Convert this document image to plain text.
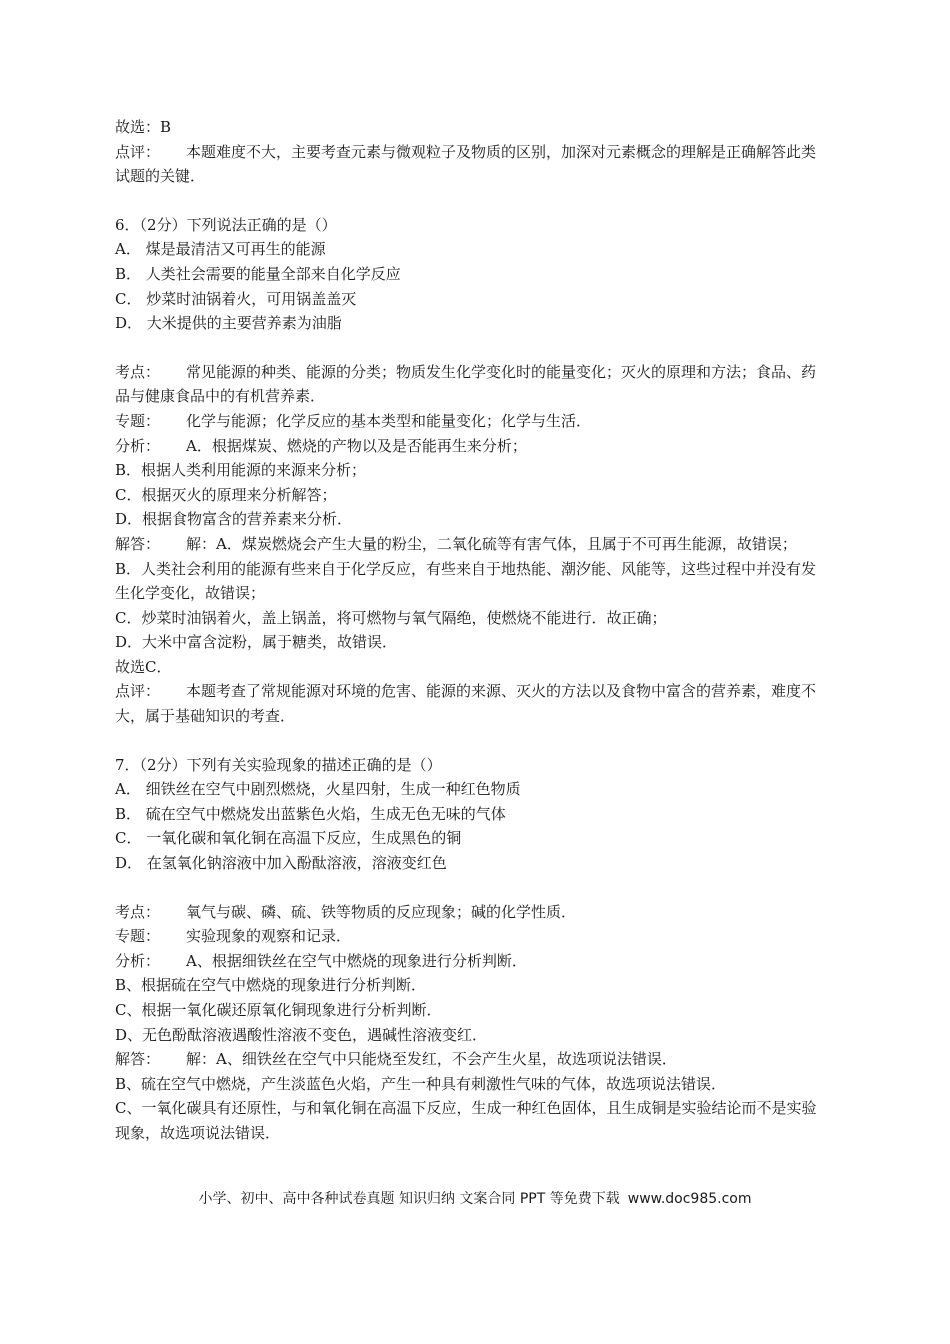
故选：B
点评： 本题难度不大，主要考查元素与微观粒子及物质的区别，加深对元素概念的理解是正确解答此类试题的关键．
6．（2分）下列说法正确的是（）
A． 煤是最清洁又可再生的能源
B． 人类社会需要的能量全部来自化学反应
C． 炒菜时油锅着火，可用锅盖盖灭
D． 大米提供的主要营养素为油脂
考点： 常见能源的种类、能源的分类；物质发生化学变化时的能量变化；灭火的原理和方法；食品、药品与健康食品中的有机营养素．
专题： 化学与能源；化学反应的基本类型和能量变化；化学与生活．
分析： A．根据煤炭、燃烧的产物以及是否能再生来分析；
B．根据人类利用能源的来源来分析；
C．根据灭火的原理来分析解答；
D．根据食物富含的营养素来分析．
解答： 解：A．煤炭燃烧会产生大量的粉尘，二氧化硫等有害气体，且属于不可再生能源，故错误；
B．人类社会利用的能源有些来自于化学反应，有些来自于地热能、潮汐能、风能等，这些过程中并没有发生化学变化，故错误；
C．炒菜时油锅着火，盖上锅盖，将可燃物与氧气隔绝，使燃烧不能进行．故正确；
D．大米中富含淀粉，属于糖类，故错误．
故选C．
点评： 本题考查了常规能源对环境的危害、能源的来源、灭火的方法以及食物中富含的营养素，难度不大，属于基础知识的考查．
7．（2分）下列有关实验现象的描述正确的是（）
A． 细铁丝在空气中剧烈燃烧，火星四射，生成一种红色物质
B． 硫在空气中燃烧发出蓝紫色火焰，生成无色无味的气体
C． 一氧化碳和氧化铜在高温下反应，生成黑色的铜
D． 在氢氧化钠溶液中加入酚酞溶液，溶液变红色
考点： 氧气与碳、磷、硫、铁等物质的反应现象；碱的化学性质．
专题： 实验现象的观察和记录．
分析： A、根据细铁丝在空气中燃烧的现象进行分析判断．
B、根据硫在空气中燃烧的现象进行分析判断．
C、根据一氧化碳还原氧化铜现象进行分析判断．
D、无色酚酞溶液遇酸性溶液不变色，遇碱性溶液变红．
解答： 解：A、细铁丝在空气中只能烧至发红，不会产生火星，故选项说法错误．
B、硫在空气中燃烧，产生淡蓝色火焰，产生一种具有刺激性气味的气体，故选项说法错误．
C、一氧化碳具有还原性，与和氧化铜在高温下反应，生成一种红色固体，且生成铜是实验结论而不是实验现象，故选项说法错误．
小学、初中、高中各种试卷真题 知识归纳 文案合同 PPT 等免费下载 www.doc985.com
